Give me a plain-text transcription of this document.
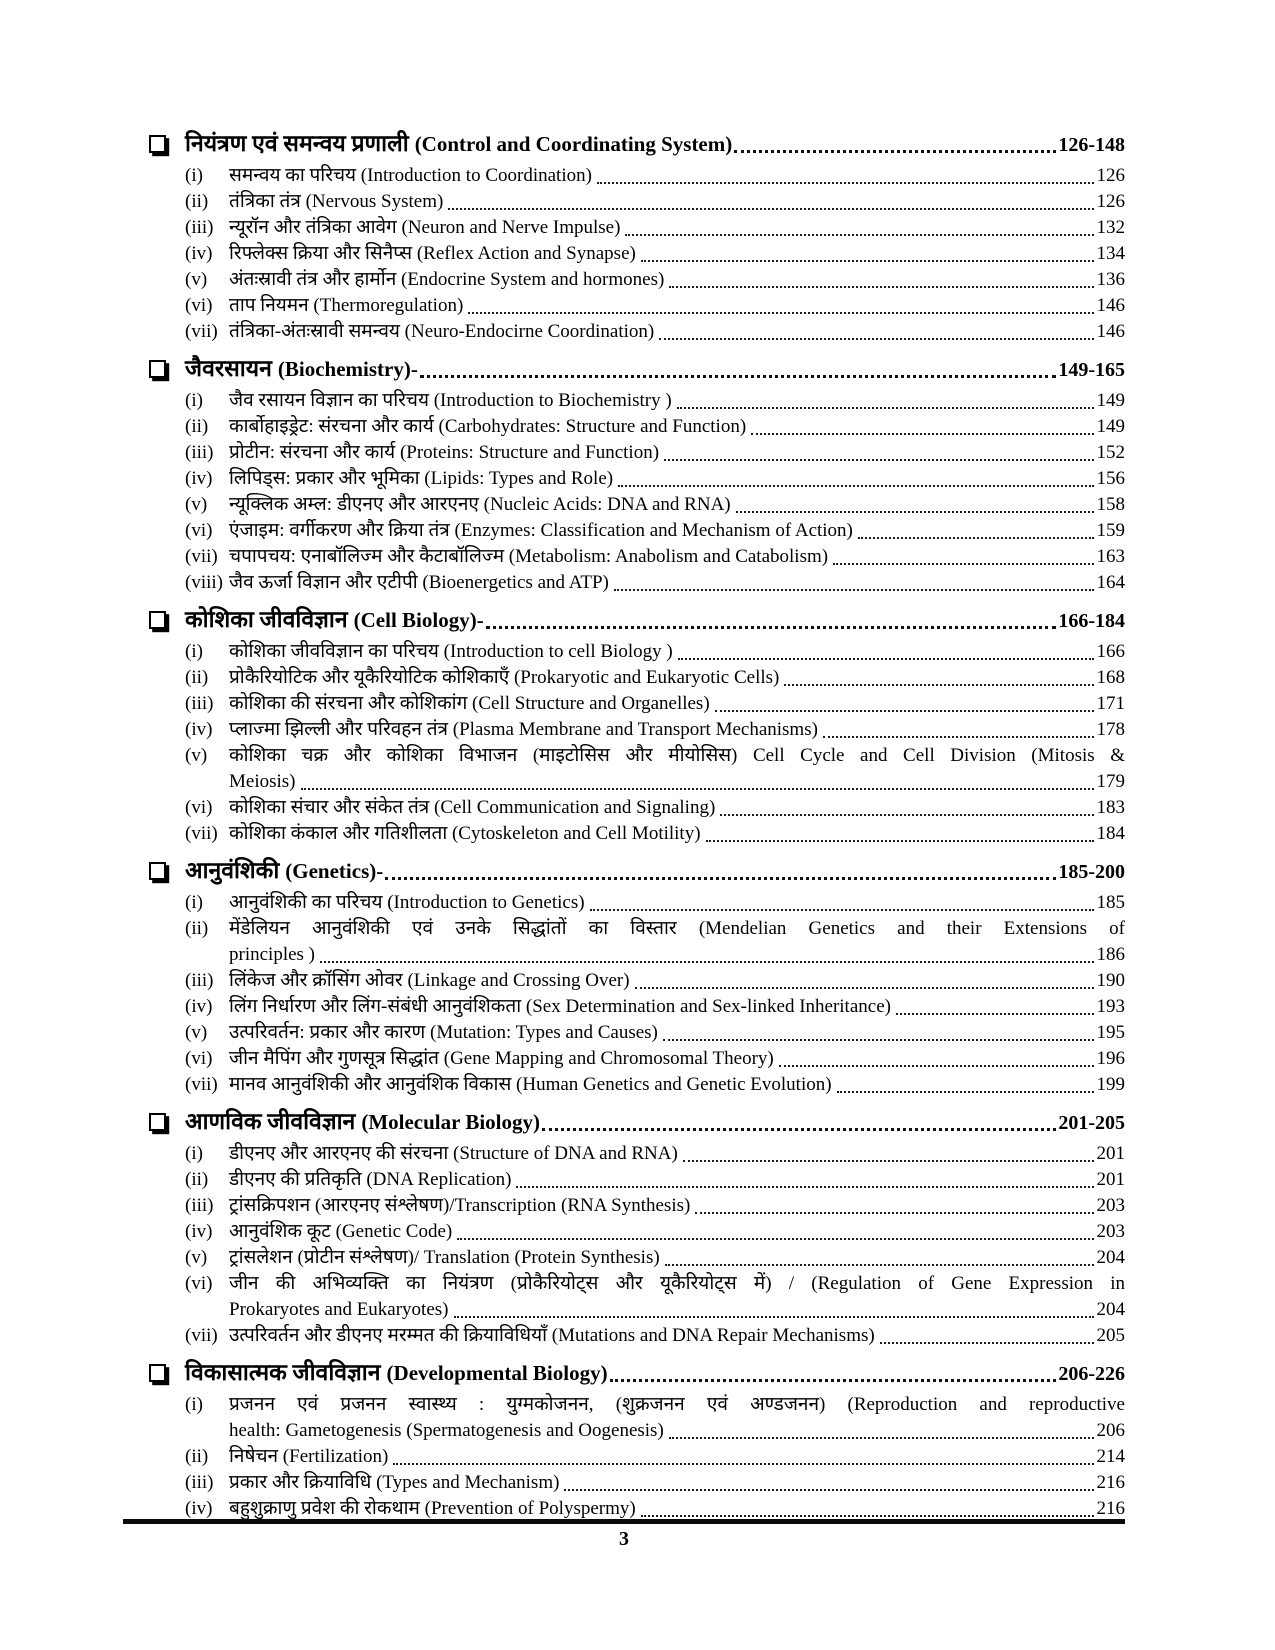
नियंत्रण एवं समन्वय प्रणाली (Control and Coordinating System)	126-148
(i) समन्वय का परिचय (Introduction to Coordination)	126
(ii) तंत्रिका तंत्र (Nervous System)	126
(iii) न्यूरॉन और तंत्रिका आवेग (Neuron and Nerve Impulse)	132
(iv) रिफ्लेक्स क्रिया और सिनैप्स (Reflex Action and Synapse)	134
(v) अंतःस्रावी तंत्र और हार्मोन (Endocrine System and hormones)	136
(vi) ताप नियमन (Thermoregulation)	146
(vii) तंत्रिका-अंतःस्रावी समन्वय (Neuro-Endocirne Coordination)	146
जैवरसायन (Biochemistry)-	149-165
(i) जैव रसायन विज्ञान का परिचय (Introduction to Biochemistry )	149
(ii) कार्बोहाइड्रेट: संरचना और कार्य (Carbohydrates: Structure and Function)	149
(iii) प्रोटीन: संरचना और कार्य (Proteins: Structure and Function)	152
(iv) लिपिड्स: प्रकार और भूमिका (Lipids: Types and Role)	156
(v) न्यूक्लिक अम्ल: डीएनए और आरएनए (Nucleic Acids: DNA and RNA)	158
(vi) एंजाइम: वर्गीकरण और क्रिया तंत्र (Enzymes: Classification and Mechanism of Action)	159
(vii) चपापचय: एनाबॉलिज्म और कैटाबॉलिज्म (Metabolism: Anabolism and Catabolism)	163
(viii) जैव ऊर्जा विज्ञान और एटीपी (Bioenergetics and ATP)	164
कोशिका जीवविज्ञान (Cell Biology)-	166-184
(i) कोशिका जीवविज्ञान का परिचय (Introduction to cell Biology )	166
(ii) प्रोकैरियोटिक और यूकैरियोटिक कोशिकाएँ (Prokaryotic and Eukaryotic Cells)	168
(iii) कोशिका की संरचना और कोशिकांग (Cell Structure and Organelles)	171
(iv) प्लाज्मा झिल्ली और परिवहन तंत्र (Plasma Membrane and Transport Mechanisms)	178
(v) कोशिका चक्र और कोशिका विभाजन (माइटोसिस और मीयोसिस) Cell Cycle and Cell Division (Mitosis &
Meiosis)	179
(vi) कोशिका संचार और संकेत तंत्र (Cell Communication and Signaling)	183
(vii) कोशिका कंकाल और गतिशीलता (Cytoskeleton and Cell Motility)	184
आनुवंशिकी (Genetics)-	185-200
(i) आनुवंशिकी का परिचय (Introduction to Genetics)	185
(ii) मेंडेलियन आनुवंशिकी एवं उनके सिद्धांतों का विस्तार (Mendelian Genetics and their Extensions of
principles )	186
(iii) लिंकेज और क्रॉसिंग ओवर (Linkage and Crossing Over)	190
(iv) लिंग निर्धारण और लिंग-संबंधी आनुवंशिकता (Sex Determination and Sex-linked Inheritance)	193
(v) उत्परिवर्तन: प्रकार और कारण (Mutation: Types and Causes)	195
(vi) जीन मैपिंग और गुणसूत्र सिद्धांत (Gene Mapping and Chromosomal Theory)	196
(vii) मानव आनुवंशिकी और आनुवंशिक विकास (Human Genetics and Genetic Evolution)	199
आणविक जीवविज्ञान (Molecular Biology)	201-205
(i) डीएनए और आरएनए की संरचना (Structure of DNA and RNA)	201
(ii) डीएनए की प्रतिकृति (DNA Replication)	201
(iii) ट्रांसक्रिपशन (आरएनए संश्लेषण)/Transcription (RNA Synthesis)	203
(iv) आनुवंशिक कूट (Genetic Code)	203
(v) ट्रांसलेशन (प्रोटीन संश्लेषण)/ Translation (Protein Synthesis)	204
(vi) जीन की अभिव्यक्ति का नियंत्रण (प्रोकैरियोट्स और यूकैरियोट्स में) / (Regulation of Gene Expression in
Prokaryotes and Eukaryotes)	204
(vii) उत्परिवर्तन और डीएनए मरम्मत की क्रियाविधियाँ (Mutations and DNA Repair Mechanisms)	205
विकासात्मक जीवविज्ञान (Developmental Biology)	206-226
(i) प्रजनन एवं प्रजनन स्वास्थ्य : युग्मकोजनन, (शुक्रजनन एवं अण्डजनन) (Reproduction and reproductive
health: Gametogenesis (Spermatogenesis and Oogenesis)	206
(ii) निषेचन (Fertilization)	214
(iii) प्रकार और क्रियाविधि (Types and Mechanism)	216
(iv) बहुशुक्राणु प्रवेश की रोकथाम (Prevention of Polyspermy)	216
3
